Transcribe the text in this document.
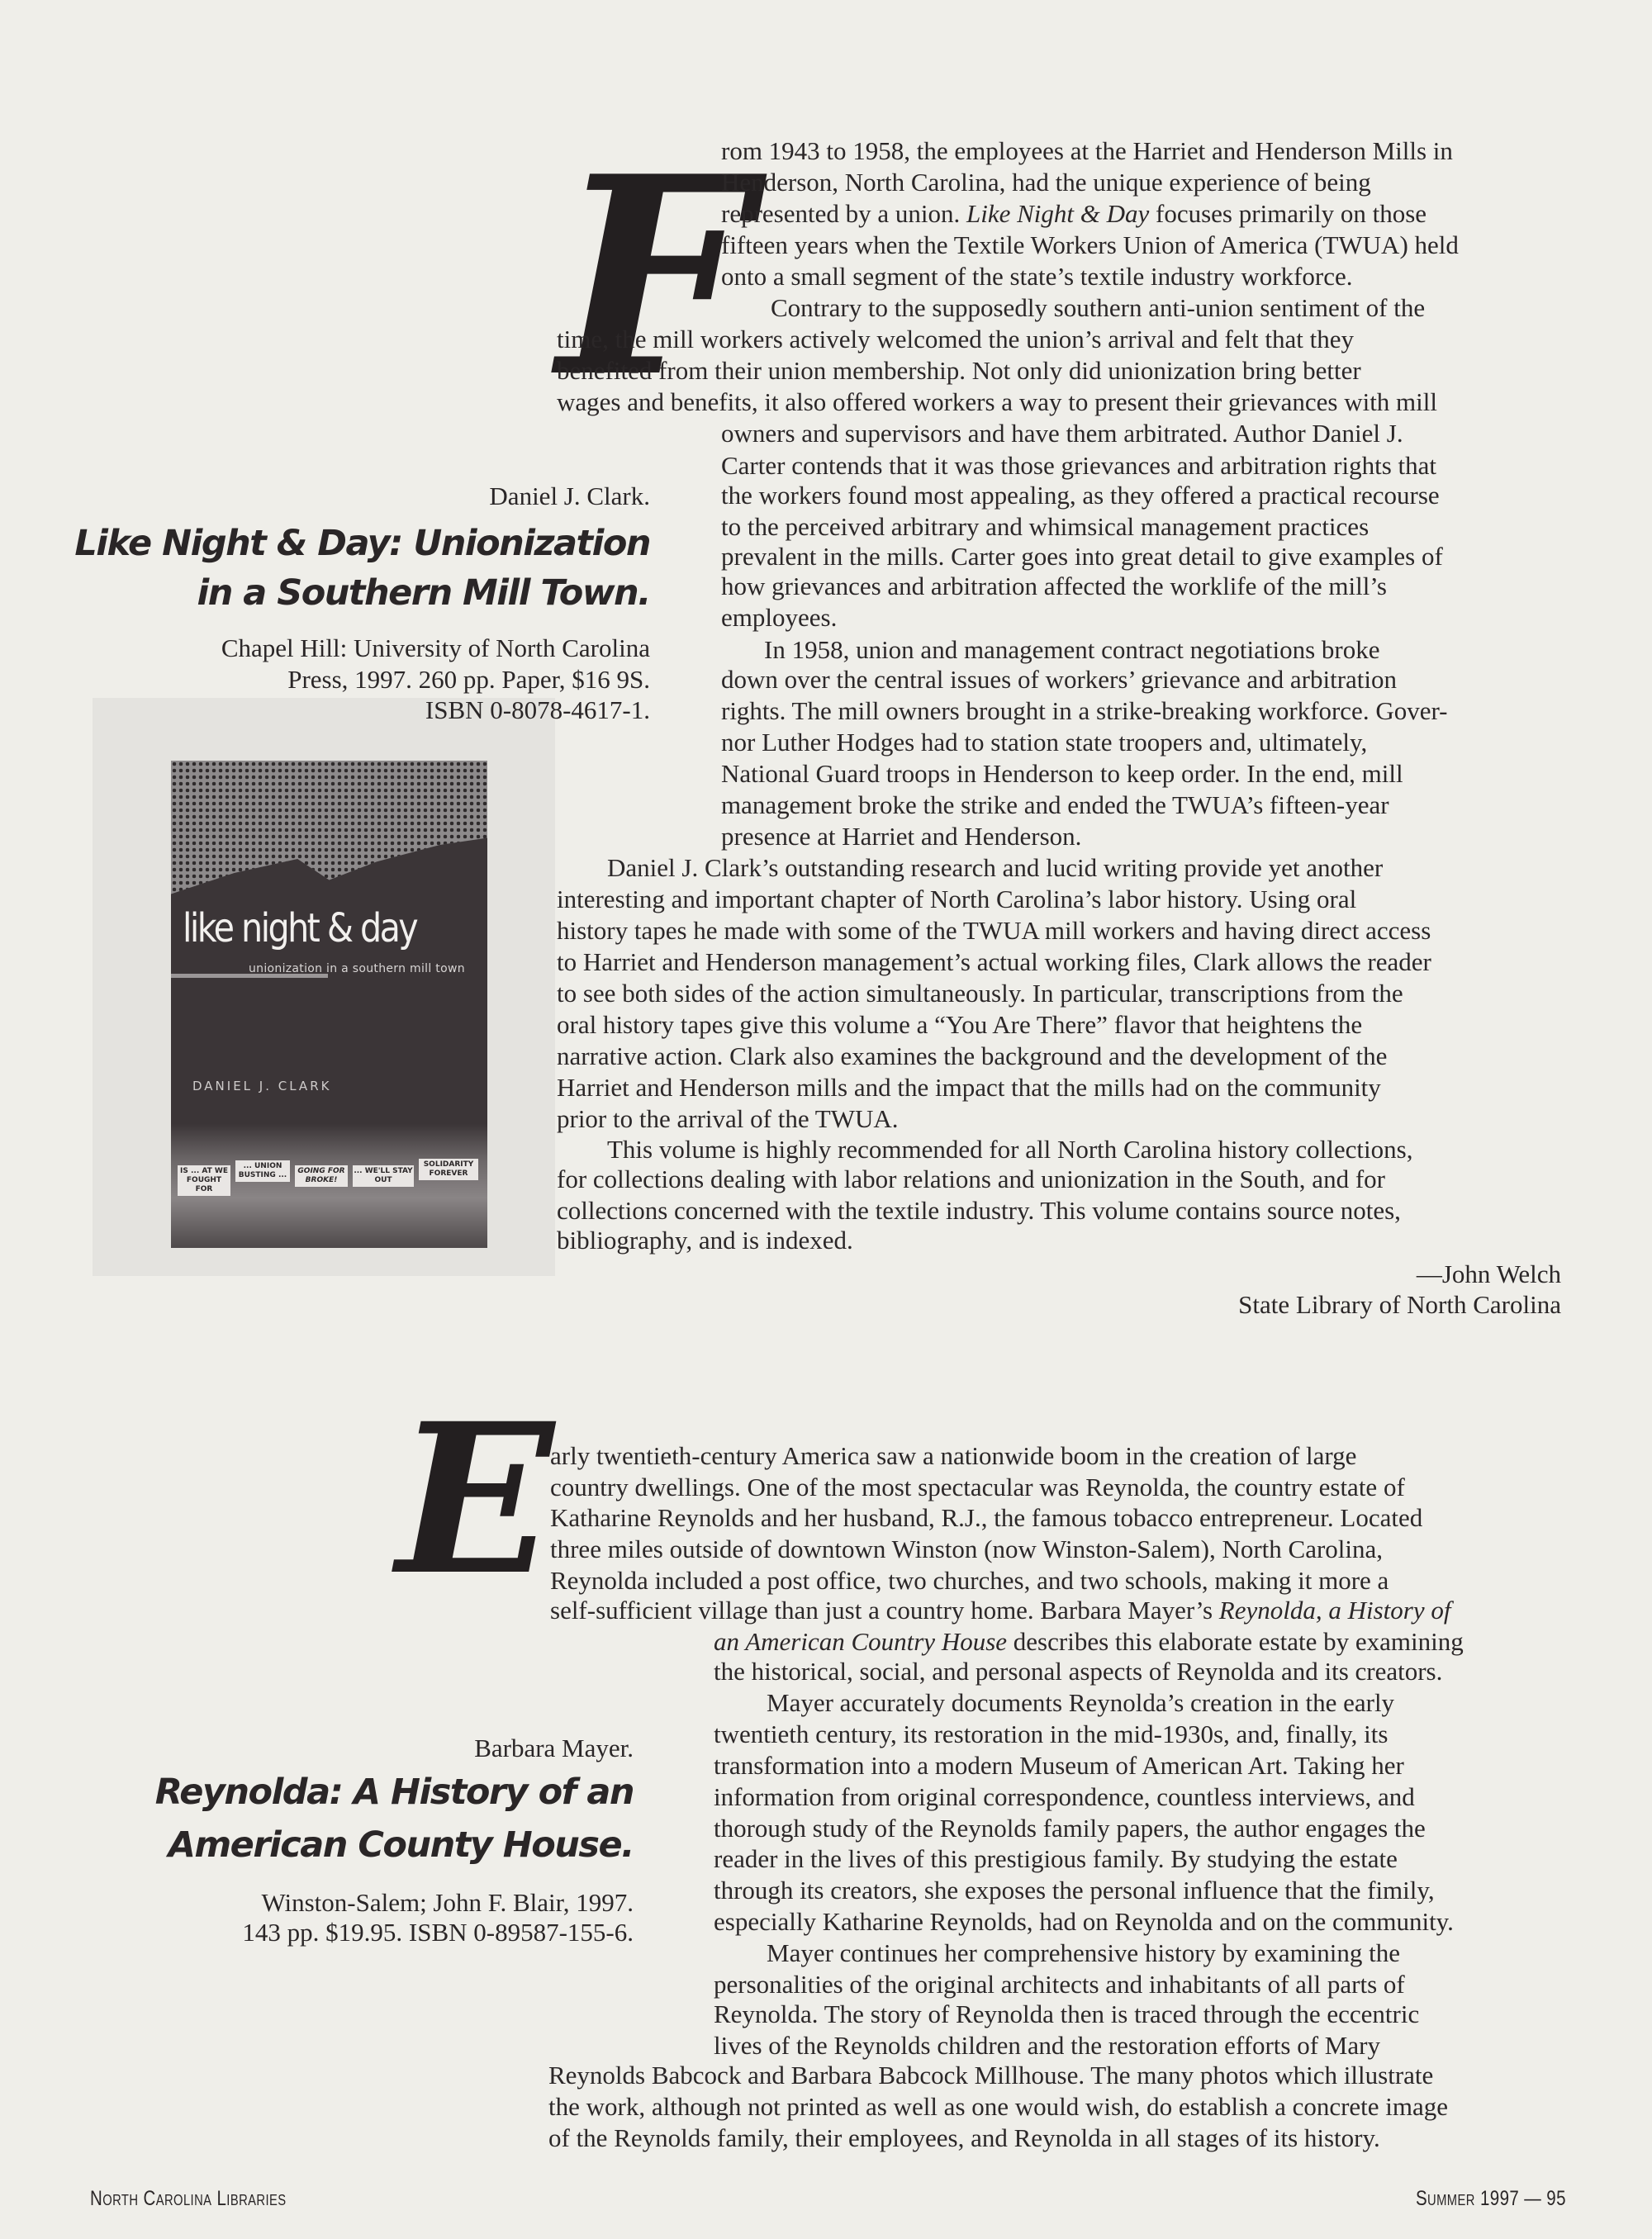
Daniel J. Clark.
Like Night & Day: Unionization
in a Southern Mill Town.
Chapel Hill: University of North Carolina
Press, 1997. 260 pp. Paper, $16 9S.
ISBN 0-8078-4617-1.
like night & day
unionization in a southern mill town
DANIEL J. CLARK
IS ... AT WE FOUGHT FOR
... UNION BUSTING ...	GOING FOR BROKE!
... WE'LL STAY OUT
SOLIDARITY FOREVER
F
rom 1943 to 1958, the employees at the Harriet and Henderson Mills in
Henderson, North Carolina, had the unique experience of being
represented by a union. Like Night & Day focuses primarily on those
fifteen years when the Textile Workers Union of America (TWUA) held
onto a small segment of the state’s textile industry workforce.
Contrary to the supposedly southern anti-union sentiment of the
time, the mill workers actively welcomed the union’s arrival and felt that they
benefited from their union membership. Not only did unionization bring better
wages and benefits, it also offered workers a way to present their grievances with mill
owners and supervisors and have them arbitrated. Author Daniel J.
Carter contends that it was those grievances and arbitration rights that
the workers found most appealing, as they offered a practical recourse
to the perceived arbitrary and whimsical management practices
prevalent in the mills. Carter goes into great detail to give examples of
how grievances and arbitration affected the worklife of the mill’s
employees.
In 1958, union and management contract negotiations broke
down over the central issues of workers’ grievance and arbitration
rights. The mill owners brought in a strike-breaking workforce. Gover-
nor Luther Hodges had to station state troopers and, ultimately,
National Guard troops in Henderson to keep order. In the end, mill
management broke the strike and ended the TWUA’s fifteen-year
presence at Harriet and Henderson.
Daniel J. Clark’s outstanding research and lucid writing provide yet another
interesting and important chapter of North Carolina’s labor history. Using oral
history tapes he made with some of the TWUA mill workers and having direct access
to Harriet and Henderson management’s actual working files, Clark allows the reader
to see both sides of the action simultaneously. In particular, transcriptions from the
oral history tapes give this volume a “You Are There” flavor that heightens the
narrative action. Clark also examines the background and the development of the
Harriet and Henderson mills and the impact that the mills had on the community
prior to the arrival of the TWUA.
This volume is highly recommended for all North Carolina history collections,
for collections dealing with labor relations and unionization in the South, and for
collections concerned with the textile industry. This volume contains source notes,
bibliography, and is indexed.
—John Welch
State Library of North Carolina
E
Barbara Mayer.
Reynolda: A History of an
American County House.
Winston-Salem; John F. Blair, 1997.
143 pp. $19.95. ISBN 0-89587-155-6.
arly twentieth-century America saw a nationwide boom in the creation of large
country dwellings. One of the most spectacular was Reynolda, the country estate of
Katharine Reynolds and her husband, R.J., the famous tobacco entrepreneur. Located
three miles outside of downtown Winston (now Winston-Salem), North Carolina,
Reynolda included a post office, two churches, and two schools, making it more a
self-sufficient village than just a country home. Barbara Mayer’s Reynolda, a History of
an American Country House describes this elaborate estate by examining
the historical, social, and personal aspects of Reynolda and its creators.
Mayer accurately documents Reynolda’s creation in the early
twentieth century, its restoration in the mid-1930s, and, finally, its
transformation into a modern Museum of American Art. Taking her
information from original correspondence, countless interviews, and
thorough study of the Reynolds family papers, the author engages the
reader in the lives of this prestigious family. By studying the estate
through its creators, she exposes the personal influence that the fimily,
especially Katharine Reynolds, had on Reynolda and on the community.
Mayer continues her comprehensive history by examining the
personalities of the original architects and inhabitants of all parts of
Reynolda. The story of Reynolda then is traced through the eccentric
lives of the Reynolds children and the restoration efforts of Mary
Reynolds Babcock and Barbara Babcock Millhouse. The many photos which illustrate
the work, although not printed as well as one would wish, do establish a concrete image
of the Reynolds family, their employees, and Reynolda in all stages of its history.
North Carolina Libraries	Summer 1997 — 95
